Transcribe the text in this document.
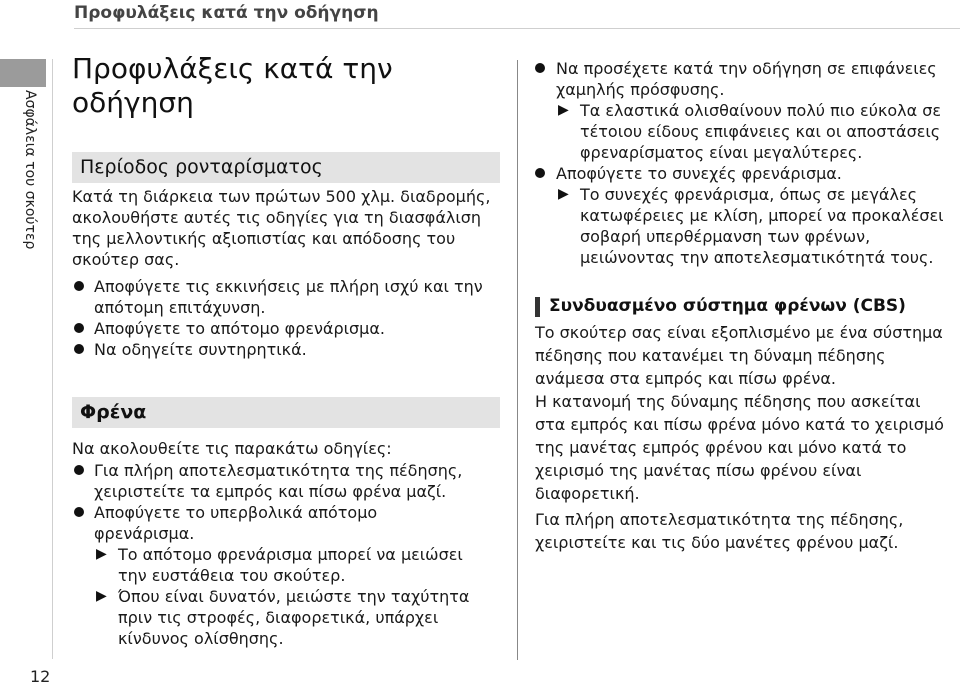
Προφυλάξεις κατά την οδήγηση
Ασφάλεια του σκούτερ
12
Προφυλάξεις κατά την
οδήγηση
Περίοδος ρονταρίσματος
Κατά τη διάρκεια των πρώτων 500 χλμ. διαδρομής,
ακολουθήστε αυτές τις οδηγίες για τη διασφάλιση
της μελλοντικής αξιοπιστίας και απόδοσης του
σκούτερ σας.
Αποφύγετε τις εκκινήσεις με πλήρη ισχύ και την
απότομη επιτάχυνση.
Αποφύγετε το απότομο φρενάρισμα.
Να οδηγείτε συντηρητικά.
Φρένα
Να ακολουθείτε τις παρακάτω οδηγίες:
Για πλήρη αποτελεσματικότητα της πέδησης,
χειριστείτε τα εμπρός και πίσω φρένα μαζί.
Αποφύγετε το υπερβολικά απότομο
φρενάρισμα.
▶ Το απότομο φρενάρισμα μπορεί να μειώσει
την ευστάθεια του σκούτερ.
▶ Όπου είναι δυνατόν, μειώστε την ταχύτητα
πριν τις στροφές, διαφορετικά, υπάρχει
κίνδυνος ολίσθησης.
Να προσέχετε κατά την οδήγηση σε επιφάνειες
χαμηλής πρόσφυσης.
▶ Τα ελαστικά ολισθαίνουν πολύ πιο εύκολα σε
τέτοιου είδους επιφάνειες και οι αποστάσεις
φρεναρίσματος είναι μεγαλύτερες.
Αποφύγετε το συνεχές φρενάρισμα.
▶ Το συνεχές φρενάρισμα, όπως σε μεγάλες
κατωφέρειες με κλίση, μπορεί να προκαλέσει
σοβαρή υπερθέρμανση των φρένων,
μειώνοντας την αποτελεσματικότητά τους.
Συνδυασμένο σύστημα φρένων (CBS)
Το σκούτερ σας είναι εξοπλισμένο με ένα σύστημα
πέδησης που κατανέμει τη δύναμη πέδησης
ανάμεσα στα εμπρός και πίσω φρένα.
Η κατανομή της δύναμης πέδησης που ασκείται
στα εμπρός και πίσω φρένα μόνο κατά το χειρισμό
της μανέτας εμπρός φρένου και μόνο κατά το
χειρισμό της μανέτας πίσω φρένου είναι
διαφορετική.
Για πλήρη αποτελεσματικότητα της πέδησης,
χειριστείτε και τις δύο μανέτες φρένου μαζί.
